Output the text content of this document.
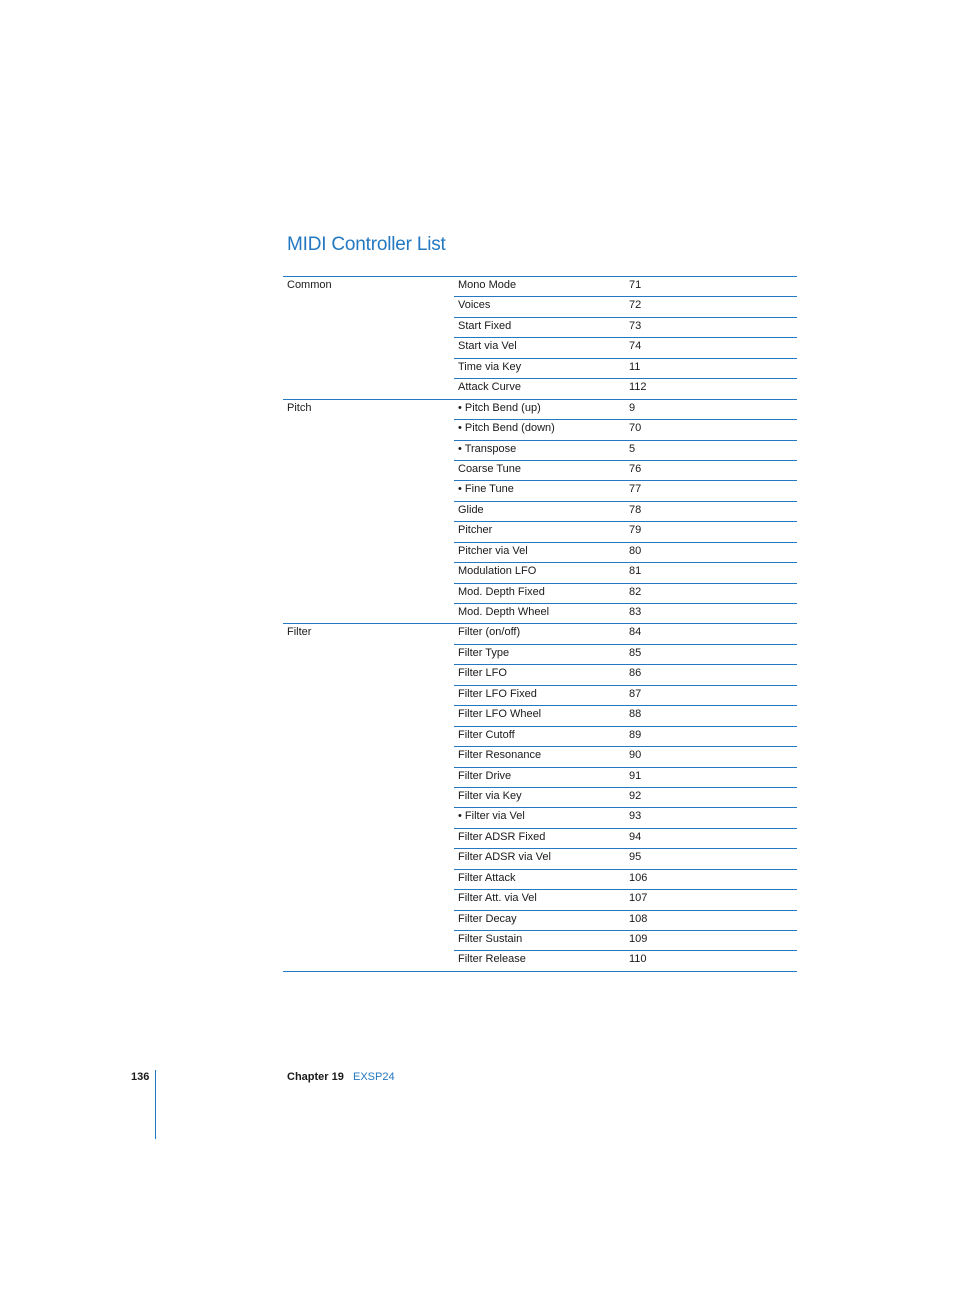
MIDI Controller List
Common	Mono Mode	71
	Voices	72
	Start Fixed	73
	Start via Vel	74
	Time via Key	11
	Attack Curve	112
Pitch	• Pitch Bend (up)	9
	• Pitch Bend (down)	70
	• Transpose	5
	Coarse Tune	76
	• Fine Tune	77
	Glide	78
	Pitcher	79
	Pitcher via Vel	80
	Modulation LFO	81
	Mod. Depth Fixed	82
	Mod. Depth Wheel	83
Filter	Filter (on/off)	84
	Filter Type	85
	Filter LFO	86
	Filter LFO Fixed	87
	Filter LFO Wheel	88
	Filter Cutoff	89
	Filter Resonance	90
	Filter Drive	91
	Filter via Key	92
	• Filter via Vel	93
	Filter ADSR Fixed	94
	Filter ADSR via Vel	95
	Filter Attack	106
	Filter Att. via Vel	107
	Filter Decay	108
	Filter Sustain	109
	Filter Release	110
136	Chapter 19 EXSP24
